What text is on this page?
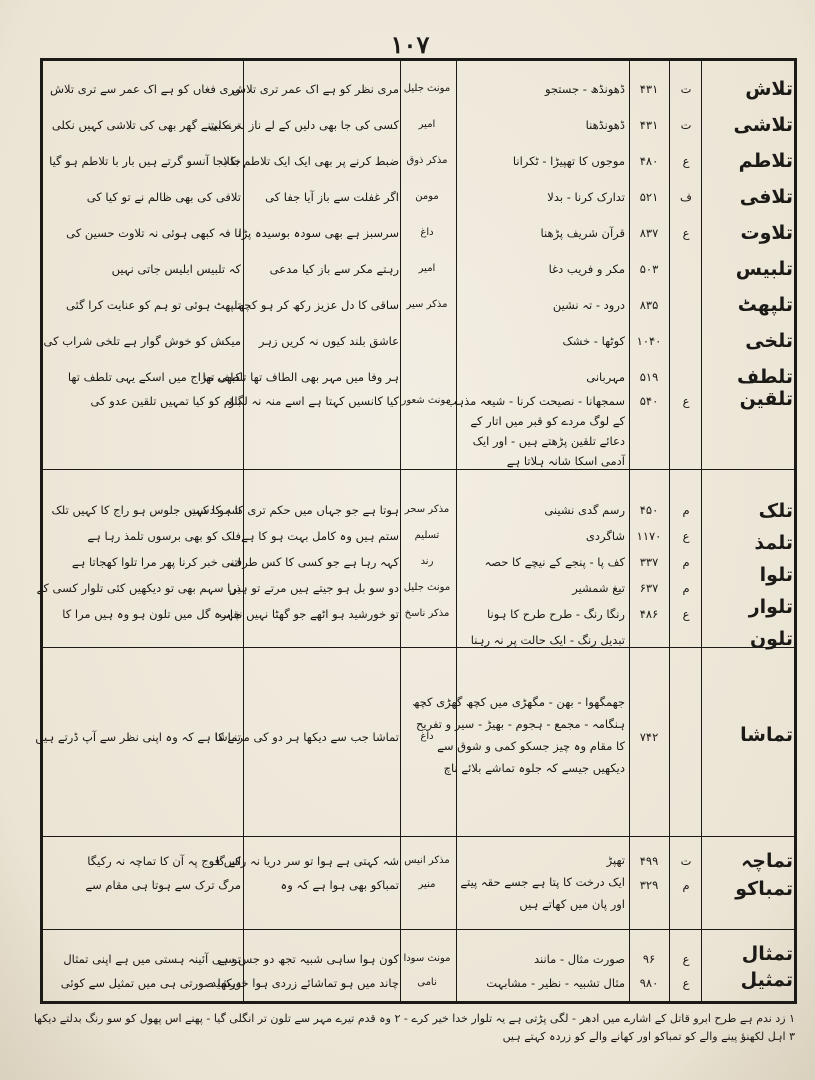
١٠٧
تلاش
تلاشی
تلاطم
تلافی
تلاوت
تلبیس
تلپھٹ
تلخی
تلطف
ت
ت
ع
ف
ع
۴۳۱
۴۳۱
۴۸۰
۵۲۱
۸۳۷
۵۰۳
۸۳۵
۱۰۴۰
۵۱۹
ڈھونڈھ - جستجو
ڈھونڈھنا
موجوں کا تھپیڑا - ٹکرانا
تدارک کرنا - بدلا
قرآن شریف پڑھنا
مکر و فریب دغا
درود - تہ نشین
کوٹھا - خشک
مہربانی
مونث جلیل
امیر
مذکر ذوق
مومن
داغ
امیر
مذکر سیر
مری نظر کو ہے اک عمر تری تلاش
کسی کی جا بھی دلیں کے لے ناز نہ نکلی
ضبط کرنے پر بھی ایک ایک تلاطم نکلا
اگر غفلت سے باز آیا جفا کی
سرسبز ہے بھی سودہ بوسیدہ پڑا
رہتے مکر سے باز کیا مدعی
ساقی کا دل عزیز رکھ کر ہو کچھ
عاشق بلند کیوں نہ کریں زہر
ہر وفا میں مہر بھی الطاف تھا تلطف تھا
مری فغاں کو ہے اک عمر سے تری تلاش
ترے بیتنے گھر بھی کی تلاشی کہیں نکلی
جا بجا آنسو گرتے ہیں بار با تلاطم ہو گیا
تلافی کی بھی ظالم نے تو کیا کی
نا فہ کبھی ہوئی نہ تلاوت حسین کی
کہ تلبیس ابلیس جاتی نہیں
تلپھٹ ہوئی تو ہم کو عنایت کرا گئی
میکش کو خوش گوار ہے تلخی شراب کی
کبھی مزاج میں اسکے یہی تلطف تھا
تلقین
ع
۵۴۰
سمجھانا - نصیحت کرنا - شیعہ مذہب
کے لوگ مردے کو قبر میں اتار کے
دعائے تلقین پڑھتے ہیں - اور ایک
آدمی اسکا شانہ ہلاتا ہے
مونث شعور
کیا کانسیں کہتا ہے اسے منہ نہ لگاؤ
بنام کو کیا تمہیں تلقین عدو کی
تلک
تلمذ
تلوا
تلوار
تلون
م
ع
م
م
ع
۴۵۰
۱۱۷۰
۳۳۷
۶۳۷
۴۸۶
رسم گدی نشینی
شاگردی
کف پا - پنجے کے نیچے کا حصہ
تیغ شمشیر
رنگا رنگ - طرح طرح کا ہونا
تبدیل رنگ - ایک حالت پر نہ رہنا
مذکر سحر
تسلیم
رند
مونث جلیل
مذکر ناسخ
ہوتا ہے جو جہاں میں حکم تری کا ہو دست
ستم ہیں وہ کامل بہت ہو کا ہے
کہہ رہا ہے جو کسی کا کس طرف
دو سو بل ہو جیتے ہیں مرتے تو ہیں
تو خورشید ہو اٹھے جو گھٹا نہیں نقاب
شہ کا کہیں جلوس ہو راج کا کہیں تلک
فلک کو بھی برسوں تلمذ رہا ہے
اتنی خبر کرنا پھر مرا تلوا کھجاتا ہے
ذرا سہم بھی تو دیکھیں کئی تلوار کسی کے
چہرہ گل میں تلون ہو وہ ہیں مرا کا
تماشا
۷۴۲
جھمگھوا - بھن - مگھڑی میں کچھ گھڑی کچھ
ہنگامہ - مجمع - ہجوم - بھیڑ - سیر و تفریح
کا مقام وہ چیز جسکو کمی و شوق سے
دیکھیں جیسے کہ جلوہ تماشے بلائے ناچ
داغ
تماشا جب سے دیکھا ہر دو کی مرنے کا
تماشا ہے کہ وہ اپنی نظر سے آپ ڈرتے ہیں
تماچہ
تمباکو
ت
م
۴۹۹
۳۲۹
تھپڑ
ایک درخت کا پتا ہے جسے حقہ پیتے
اور پان میں کھاتے ہیں
مذکر انیس
منیر
شہ کہتی ہے ہوا تو سر دریا نہ رکے گا
تمباکو بھی ہوا ہے کہ وہ
اس فوج پہ آن کا تماچہ نہ رکیگا
مرگ ترک سے ہوتا ہی مقام سے
تمثال
تمثیل
ع
ع
۹۶
۹۸۰
صورت مثال - مانند
مثال تشبیہ - نظیر - مشابہت
مونث سودا
نامی
کون ہوا ساہی شبیہ تجھ دو جس سے
چاند میں ہو تماشائے زردی ہوا خورشید
تو ہی آئینہ ہستی میں ہے اپنی تمثال
دیکھا صورتی ہی میں تمثیل سے کوئی
۱ زد ندم ہے طرح ابرو قاتل کے اشارے میں ادھر - لگی پڑتی ہے یہ تلوار خدا خیر کرے - ۲ وہ قدم تیرے مہر سے تلون تر انگلی گیا - پھنے اس پھول کو سو رنگ بدلتے دیکھا
۳ اہل لکھنؤ پینے والے کو تمباکو اور کھانے والے کو زردہ کہتے ہیں
